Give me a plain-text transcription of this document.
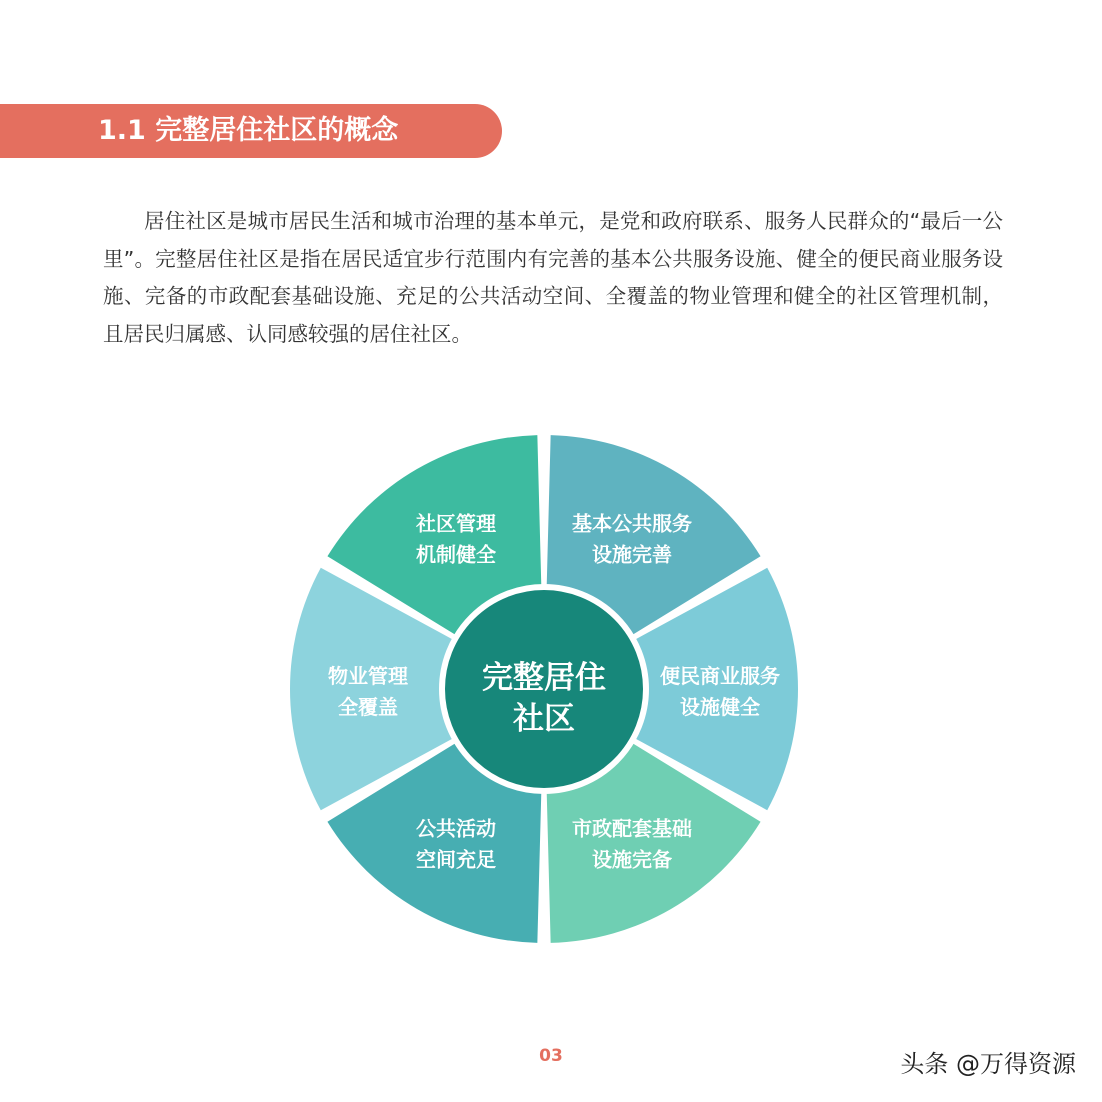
1.1 完整居住社区的概念

居住社区是城市居民生活和城市治理的基本单元，是党和政府联系、服务人民群众的“最后一公里”。完整居住社区是指在居民适宜步行范围内有完善的基本公共服务设施、健全的便民商业服务设施、完备的市政配套基础设施、充足的公共活动空间、全覆盖的物业管理和健全的社区管理机制，且居民归属感、认同感较强的居住社区。

基本公共服务
设施完善
便民商业服务
设施健全
市政配套基础
设施完备
公共活动
空间充足
物业管理
全覆盖
社区管理
机制健全
完整居住
社区
03	头条 @万得资源
